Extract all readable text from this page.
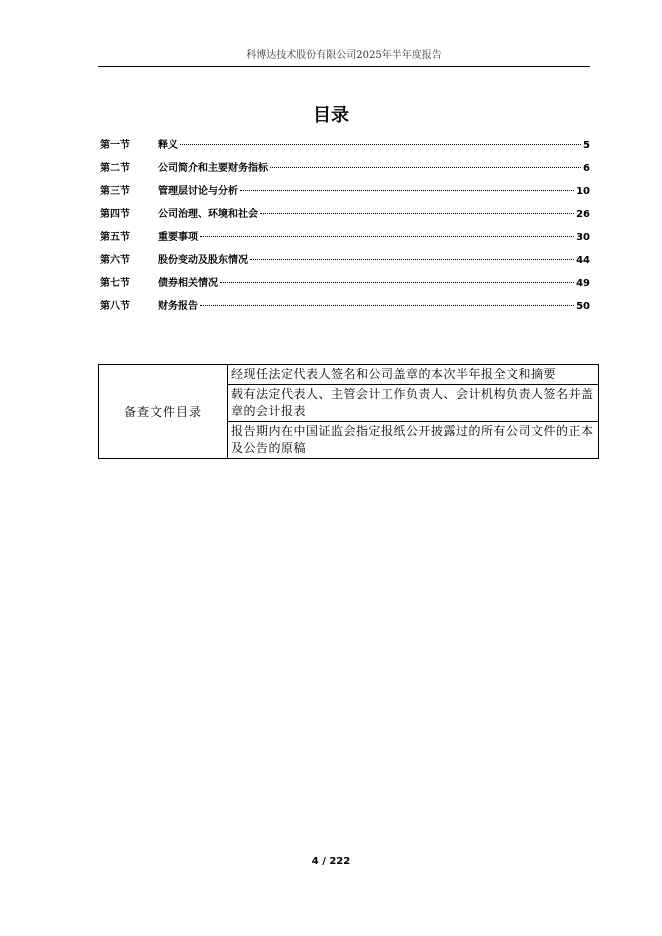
科博达技术股份有限公司2025年半年度报告
目录
第一节	释义	5
第二节	公司简介和主要财务指标	6
第三节	管理层讨论与分析	10
第四节	公司治理、环境和社会	26
第五节	重要事项	30
第六节	股份变动及股东情况	44
第七节	债券相关情况	49
第八节	财务报告	50
备查文件目录	经现任法定代表人签名和公司盖章的本次半年报全文和摘要
载有法定代表人、主管会计工作负责人、会计机构负责人签名并盖章的会计报表
报告期内在中国证监会指定报纸公开披露过的所有公司文件的正本及公告的原稿
4 / 222
